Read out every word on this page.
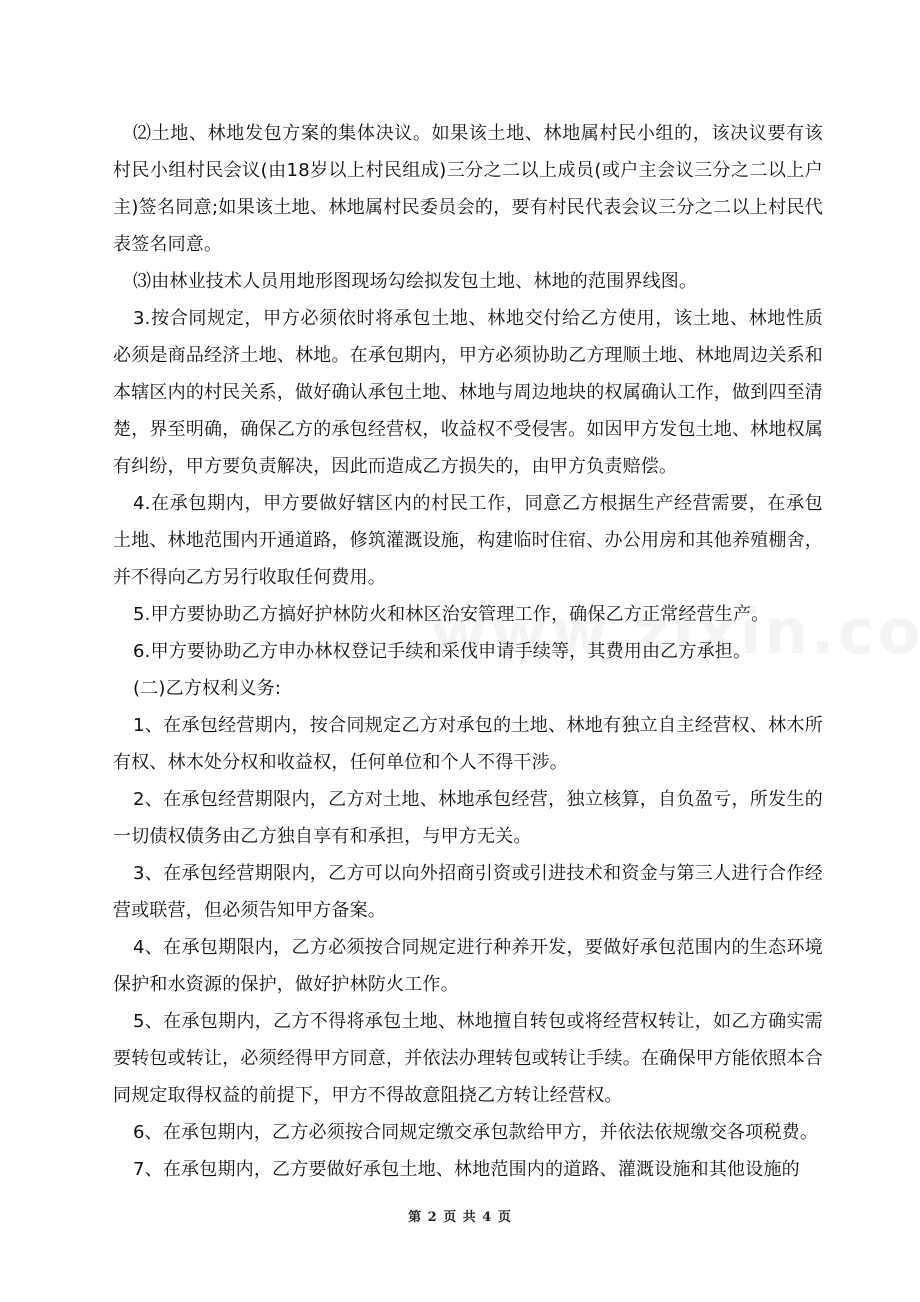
⑵土地、林地发包方案的集体决议。如果该土地、林地属村民小组的，该决议要有该村民小组村民会议(由18岁以上村民组成)三分之二以上成员(或户主会议三分之二以上户主)签名同意;如果该土地、林地属村民委员会的，要有村民代表会议三分之二以上村民代表签名同意。

⑶由林业技术人员用地形图现场勾绘拟发包土地、林地的范围界线图。

3.按合同规定，甲方必须依时将承包土地、林地交付给乙方使用，该土地、林地性质必须是商品经济土地、林地。在承包期内，甲方必须协助乙方理顺土地、林地周边关系和本辖区内的村民关系，做好确认承包土地、林地与周边地块的权属确认工作，做到四至清楚，界至明确，确保乙方的承包经营权，收益权不受侵害。如因甲方发包土地、林地权属有纠纷，甲方要负责解决，因此而造成乙方损失的，由甲方负责赔偿。

4.在承包期内，甲方要做好辖区内的村民工作，同意乙方根据生产经营需要，在承包土地、林地范围内开通道路，修筑灌溉设施，构建临时住宿、办公用房和其他养殖棚舍，并不得向乙方另行收取任何费用。

5.甲方要协助乙方搞好护林防火和林区治安管理工作，确保乙方正常经营生产。

6.甲方要协助乙方申办林权登记手续和采伐申请手续等，其费用由乙方承担。

(二)乙方权利义务:

1、在承包经营期内，按合同规定乙方对承包的土地、林地有独立自主经营权、林木所有权、林木处分权和收益权，任何单位和个人不得干涉。

2、在承包经营期限内，乙方对土地、林地承包经营，独立核算，自负盈亏，所发生的一切债权债务由乙方独自享有和承担，与甲方无关。

3、在承包经营期限内，乙方可以向外招商引资或引进技术和资金与第三人进行合作经营或联营，但必须告知甲方备案。

4、在承包期限内，乙方必须按合同规定进行种养开发，要做好承包范围内的生态环境保护和水资源的保护，做好护林防火工作。

5、在承包期内，乙方不得将承包土地、林地擅自转包或将经营权转让，如乙方确实需要转包或转让，必须经得甲方同意，并依法办理转包或转让手续。在确保甲方能依照本合同规定取得权益的前提下，甲方不得故意阻挠乙方转让经营权。

6、在承包期内，乙方必须按合同规定缴交承包款给甲方，并依法依规缴交各项税费。

7、在承包期内，乙方要做好承包土地、林地范围内的道路、灌溉设施和其他设施的

第 2 页 共 4 页
